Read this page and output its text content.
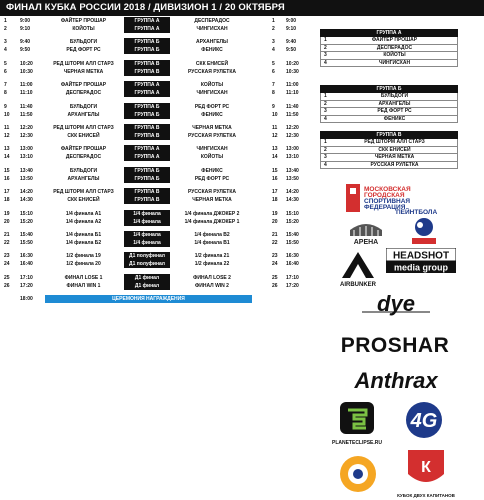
ФИНАЛ КУБКА РОССИИ 2018 / ДИВИЗИОН 1 / 20 ОКТЯБРЯ
1	9:00	ФАЙТЕР ПРОШАР	ГРУППА А	ДЕСПЕРАДОС	1	9:00
2	9:10	КОЙОТЫ	ГРУППА А	ЧИНГИСХАН	2	9:10
3	9:40	БУЛЬДОГИ	ГРУППА Б	АРХАНГЕЛЫ	3	9:40
4	9:50	РЕД ФОРТ РС	ГРУППА Б	ФЕНИКС	4	9:50
5	10:20	РЕД ШТОРМ АЛЛ СТАРЗ	ГРУППА В	СКК ЕНИСЕЙ	5	10:20
6	10:30	ЧЕРНАЯ МЕТКА	ГРУППА В	РУССКАЯ РУЛЕТКА	6	10:30
7	11:00	ФАЙТЕР ПРОШАР	ГРУППА А	КОЙОТЫ	7	11:00
8	11:10	ДЕСПЕРАДОС	ГРУППА А	ЧИНГИСХАН	8	11:10
9	11:40	БУЛЬДОГИ	ГРУППА Б	РЕД ФОРТ РС	9	11:40
10	11:50	АРХАНГЕЛЫ	ГРУППА Б	ФЕНИКС	10	11:50
11	12:20	РЕД ШТОРМ АЛЛ СТАРЗ	ГРУППА В	ЧЕРНАЯ МЕТКА	11	12:20
12	12:30	СКК ЕНИСЕЙ	ГРУППА В	РУССКАЯ РУЛЕТКА	12	12:30
13	13:00	ФАЙТЕР ПРОШАР	ГРУППА А	ЧИНГИСХАН	13	13:00
14	13:10	ДЕСПЕРАДОС	ГРУППА А	КОЙОТЫ	14	13:10
15	13:40	БУЛЬДОГИ	ГРУППА Б	ФЕНИКС	15	13:40
16	13:50	АРХАНГЕЛЫ	ГРУППА Б	РЕД ФОРТ РС	16	13:50
17	14:20	РЕД ШТОРМ АЛЛ СТАРЗ	ГРУППА В	РУССКАЯ РУЛЕТКА	17	14:20
18	14:30	СКК ЕНИСЕЙ	ГРУППА В	ЧЕРНАЯ МЕТКА	18	14:30
19	15:10	1/4 финала А1	1/4 финала	1/4 финала ДЖОКЕР 2	19	15:10
20	15:20	1/4 финала А2	1/4 финала	1/4 финала ДЖОКЕР 1	20	15:20
21	15:40	1/4 финала Б1	1/4 финала	1/4 финала В2	21	15:40
22	15:50	1/4 финала Б2	1/4 финала	1/4 финала В1	22	15:50
23	16:30	1/2 финала 19	Д1 полуфинал	1/2 финала 21	23	16:30
24	16:40	1/2 финала 20	Д1 полуфинал	1/2 финала 22	24	16:40
25	17:10	ФИНАЛ LOSE 1	Д1 финал	ФИНАЛ LOSE 2	25	17:10
26	17:20	ФИНАЛ WIN 1	Д1 финал	ФИНАЛ WIN 2	26	17:20
18:00	ЦЕРЕМОНИЯ НАГРАЖДЕНИЯ
ГРУППА А
1	ФАЙТЕР ПРОШАР
2	ДЕСПЕРАДОС
3	КОЙОТЫ
4	ЧИНГИСХАН
ГРУППА Б
1	БУЛЬДОГИ
2	АРХАНГЕЛЫ
3	РЕД ФОРТ РС
4	ФЕНИКС
ГРУППА В
1	РЕД ШТОРМ АЛЛ СТАРЗ
2	СКК ЕНИСЕЙ
3	ЧЕРНАЯ МЕТКА
4	РУССКАЯ РУЛЕТКА
МОСКОВСКАЯ
ГОРОДСКАЯ
СПОРТИВНАЯ
ФЕДЕРАЦИЯ
ПЕЙНТБОЛА
АРЕНА
AIRBUNKER
HEADSHOT
media group
dye
PROSHAR
Anthrax
PLANETECLIPSE.RU
4G
К
КУБОК ДВУХ КАПИТАНОВ
